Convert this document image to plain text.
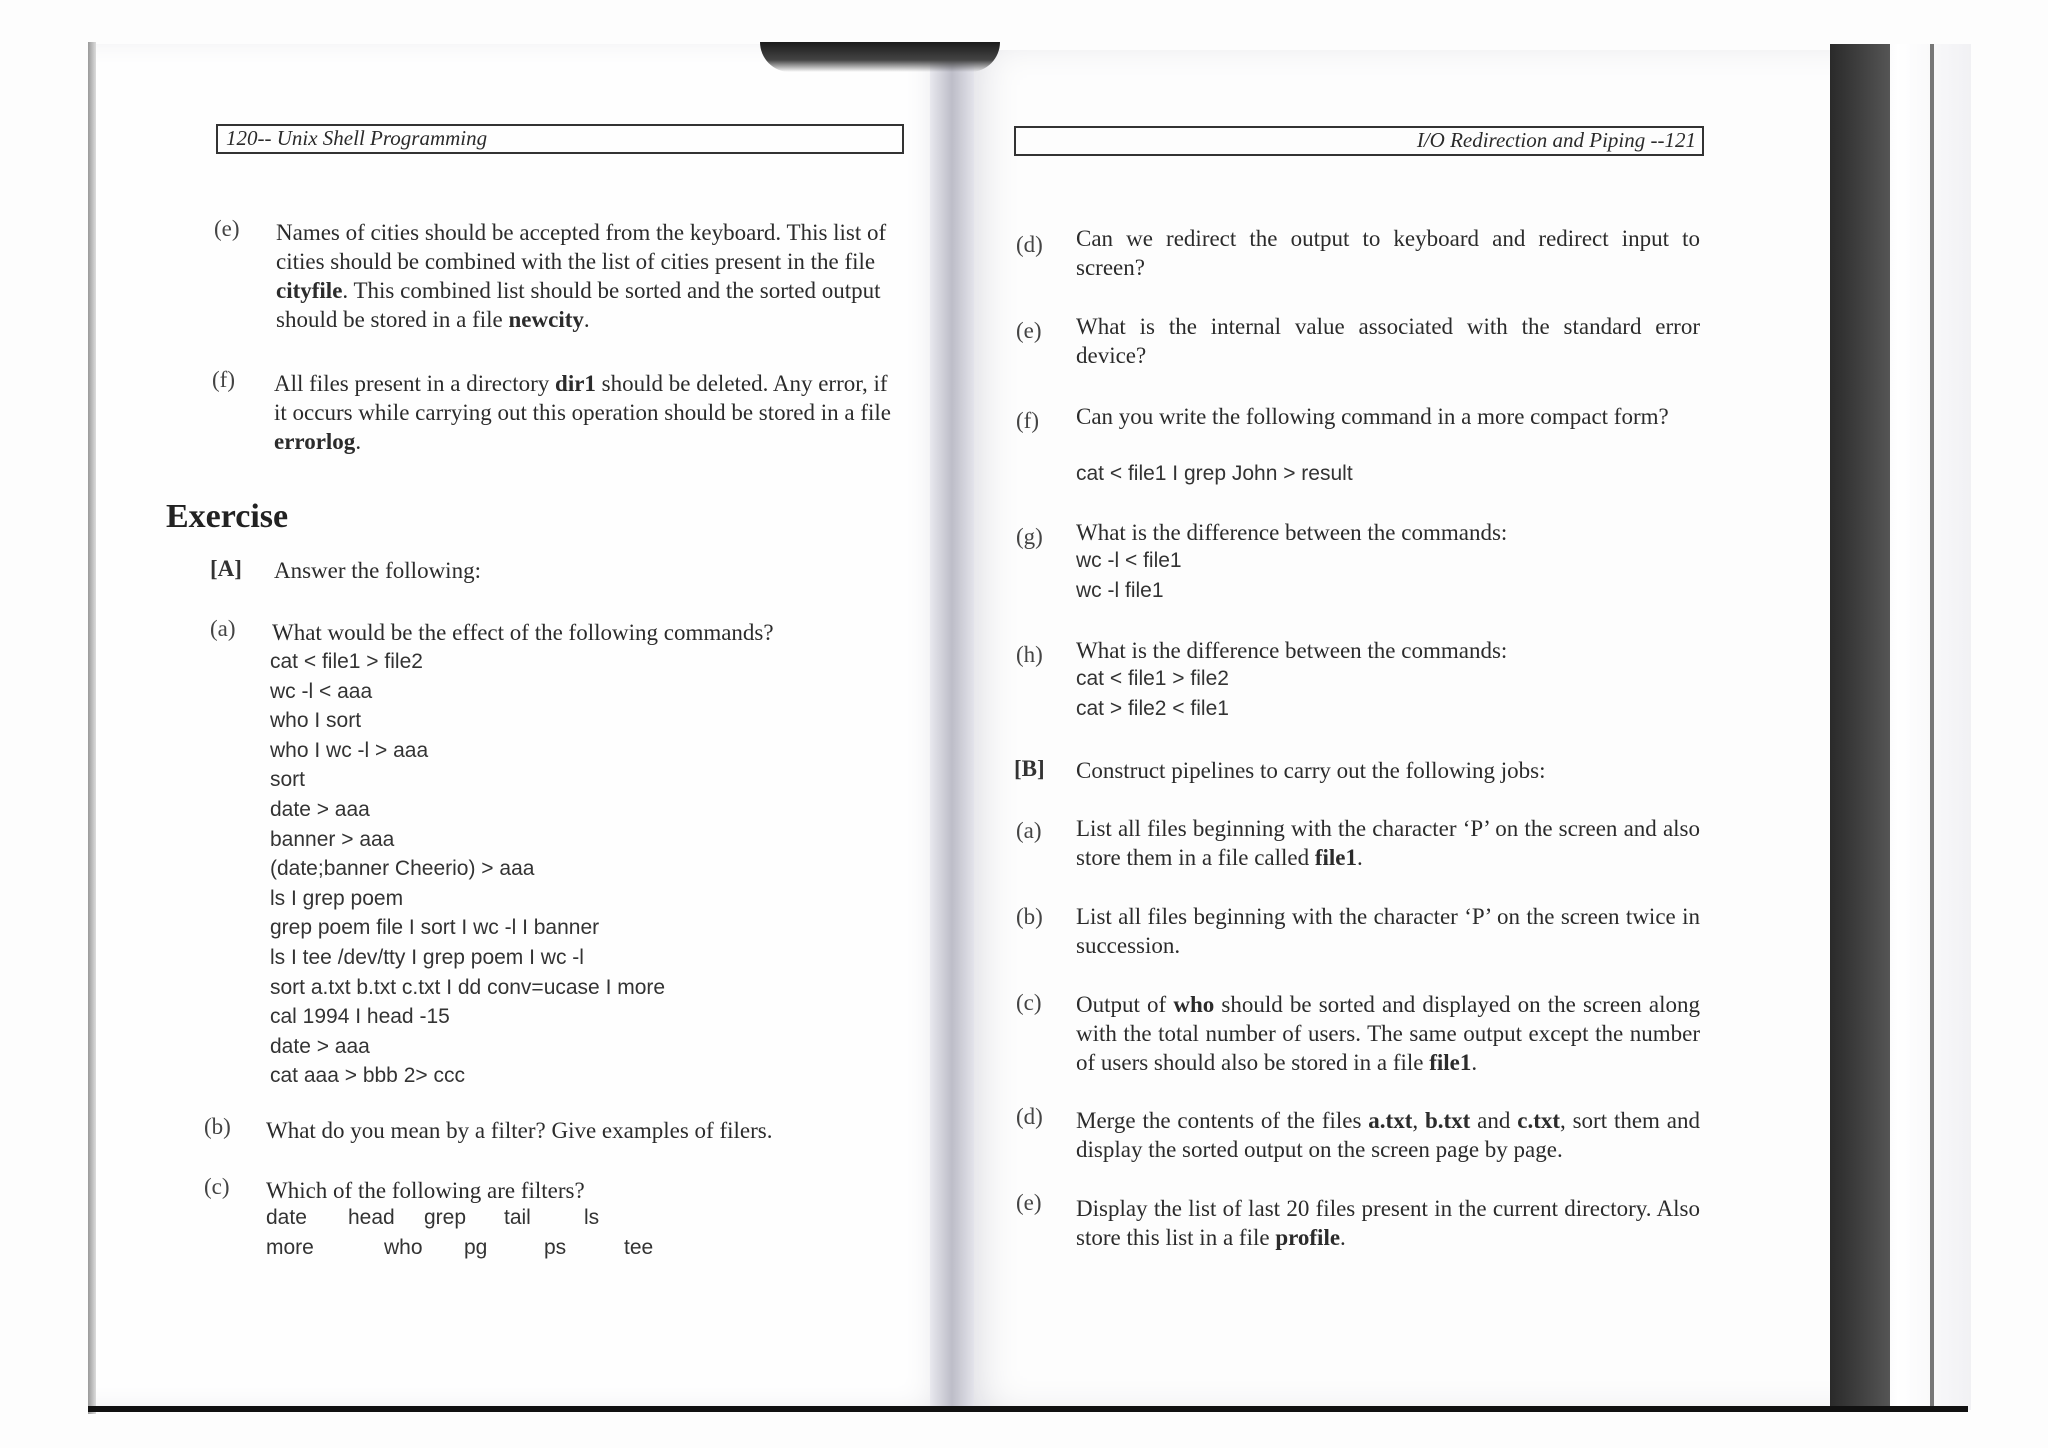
120-- Unix Shell Programming
(e) Names of cities should be accepted from the keyboard. This list of cities should be combined with the list of cities present in the file cityfile. This combined list should be sorted and the sorted output should be stored in a file newcity.
(f) All files present in a directory dir1 should be deleted. Any error, if it occurs while carrying out this operation should be stored in a file errorlog.
Exercise
[A] Answer the following:
(a) What would be the effect of the following commands?
cat < file1 > file2
wc -l < aaa
who I sort
who I wc -l > aaa
sort
date > aaa
banner > aaa
(date;banner Cheerio) > aaa
ls I grep poem
grep poem file I sort I wc -l I banner
ls I tee /dev/tty I grep poem I wc -l
sort a.txt b.txt c.txt I dd conv=ucase I more
cal 1994 I head -15
date > aaa
cat aaa > bbb 2> ccc
(b) What do you mean by a filter? Give examples of filers.
(c) Which of the following are filters?
date head grep tail	ls
more	who pg	ps	tee
I/O Redirection and Piping --121
(d) Can we redirect the output to keyboard and redirect input to screen?
(e) What is the internal value associated with the standard error device?
(f) Can you write the following command in a more compact form?
cat < file1 I grep John > result
(g) What is the difference between the commands:
wc -l < file1
wc -l file1
(h) What is the difference between the commands:
cat < file1 > file2
cat > file2 < file1
[B] Construct pipelines to carry out the following jobs:
(a) List all files beginning with the character ‘P’ on the screen and also store them in a file called file1.
(b) List all files beginning with the character ‘P’ on the screen twice in succession.
(c) Output of who should be sorted and displayed on the screen along with the total number of users. The same output except the number of users should also be stored in a file file1.
(d) Merge the contents of the files a.txt, b.txt and c.txt, sort them and display the sorted output on the screen page by page.
(e) Display the list of last 20 files present in the current directory. Also store this list in a file profile.
